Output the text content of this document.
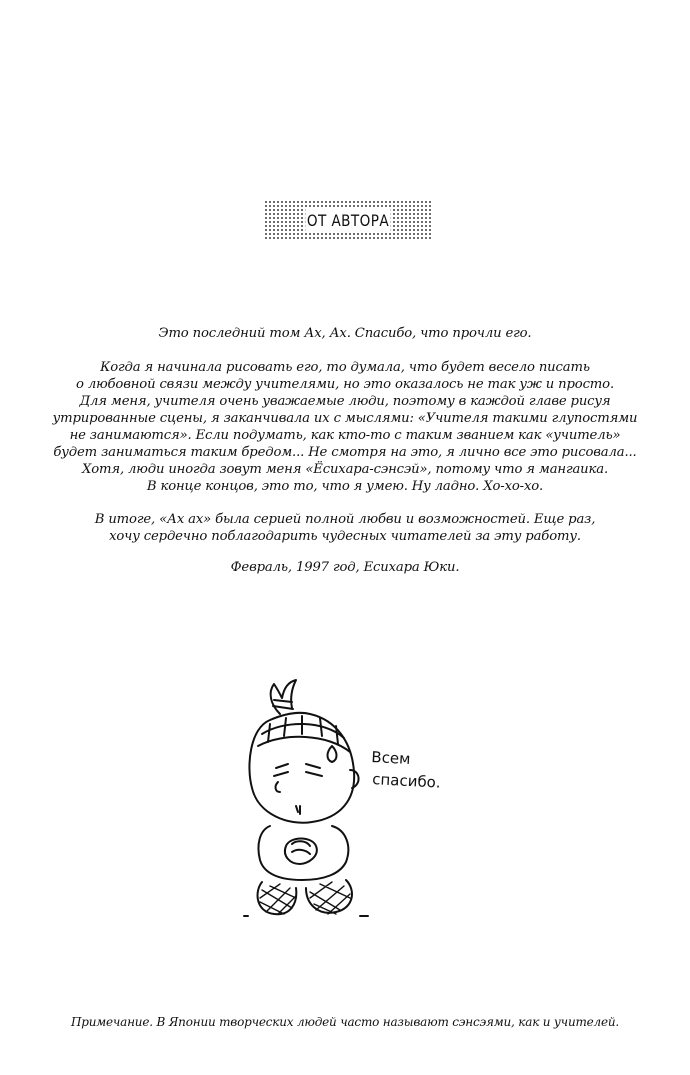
ОТ АВТОРА

Это последний том Ах, Ах. Спасибо, что прочли его.

Когда я начинала рисовать его, то думала, что будет весело писать

о любовной связи между учителями, но это оказалось не так уж и просто.

Для меня, учителя очень уважаемые люди, поэтому в каждой главе рисуя

утрированные сцены, я заканчивала их с мыслями: «Учителя такими глупостями

не занимаются». Если подумать, как кто-то с таким званием как «учитель»

будет заниматься таким бредом... Не смотря на это, я лично все это рисовала...

Хотя, люди иногда зовут меня «Ёсихара-сэнсэй», потому что я мангаика.

В конце концов, это то, что я умею. Ну ладно. Хо-хо-хо.

В итоге, «Ах ах» была серией полной любви и возможностей. Еще раз,

хочу сердечно поблагодарить чудесных читателей за эту работу.

Февраль, 1997 год, Есихара Юки.

Всем
спасибо.
Примечание. В Японии творческих людей часто называют сэнсэями, как и учителей.
